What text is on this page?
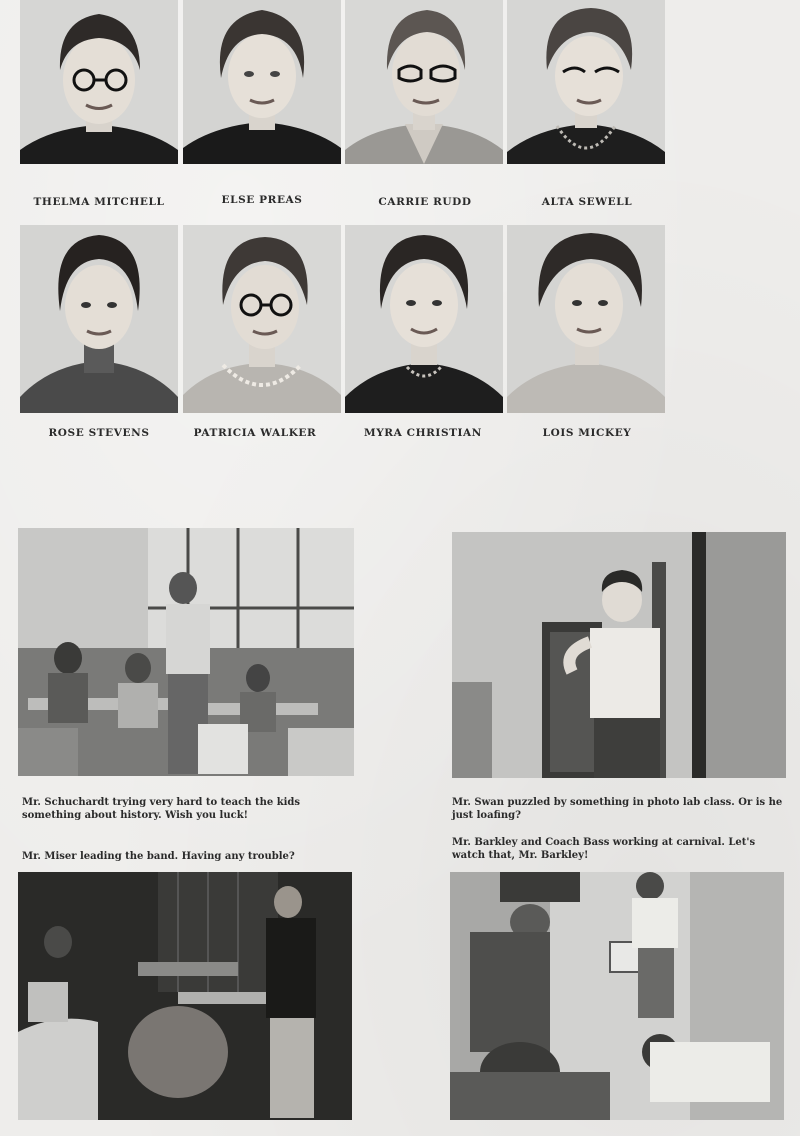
THELMA MITCHELL	ELSE PREAS	CARRIE RUDD	ALTA SEWELL
ROSE STEVENS	PATRICIA WALKER	MYRA CHRISTIAN	LOIS MICKEY
Mr. Schuchardt trying very hard to teach the kids something about history. Wish you luck!
Mr. Swan puzzled by something in photo lab class. Or is he just loafing?
Mr. Miser leading the band. Having any trouble?
Mr. Barkley and Coach Bass working at carnival. Let's watch that, Mr. Barkley!
